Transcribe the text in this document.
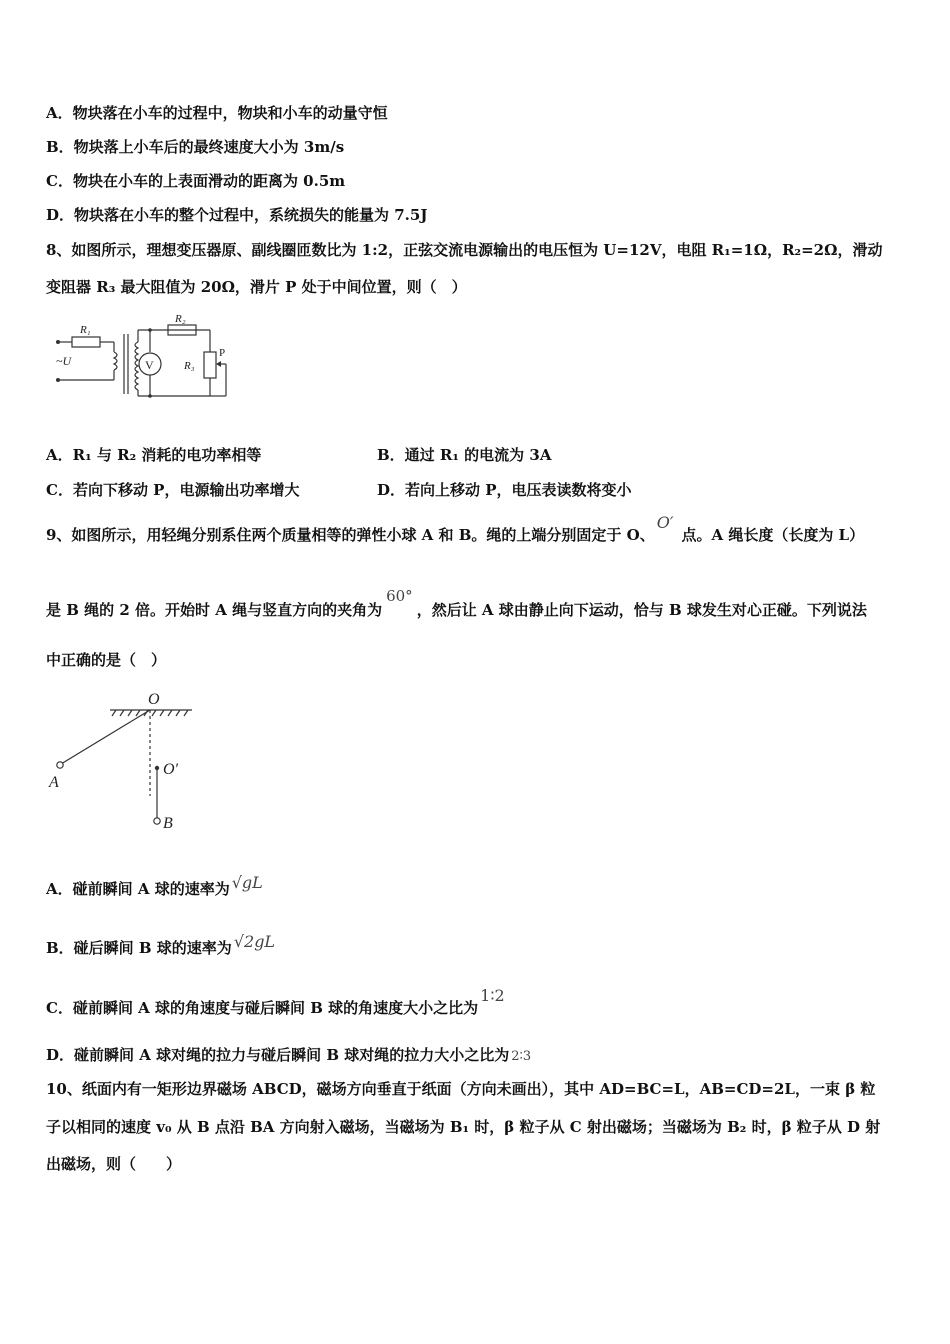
A．物块落在小车的过程中，物块和小车的动量守恒
B．物块落上小车后的最终速度大小为 3m/s
C．物块在小车的上表面滑动的距离为 0.5m
D．物块落在小车的整个过程中，系统损失的能量为 7.5J
8、如图所示，理想变压器原、副线圈匝数比为 1:2，正弦交流电源输出的电压恒为 U=12V，电阻 R₁=1Ω，R₂=2Ω，滑动
变阻器 R₃ 最大阻值为 20Ω，滑片 P 处于中间位置，则（　）
R₁
R₂
R₃
~U	V
P
A．R₁ 与 R₂ 消耗的电功率相等	B．通过 R₁ 的电流为 3A
C．若向下移动 P，电源输出功率增大	D．若向上移动 P，电压表读数将变小
9、如图所示，用轻绳分别系住两个质量相等的弹性小球 A 和 B。绳的上端分别固定于 O、O′点。A 绳长度（长度为 L）
是 B 绳的 2 倍。开始时 A 绳与竖直方向的夹角为60°，然后让 A 球由静止向下运动，恰与 B 球发生对心正碰。下列说法
中正确的是（　）
O
O′
A
B
A．碰前瞬间 A 球的速率为 √gL
B．碰后瞬间 B 球的速率为 √2gL
C．碰前瞬间 A 球的角速度与碰后瞬间 B 球的角速度大小之比为1∶2
D．碰前瞬间 A 球对绳的拉力与碰后瞬间 B 球对绳的拉力大小之比为 2∶3
10、纸面内有一矩形边界磁场 ABCD，磁场方向垂直于纸面（方向未画出），其中 AD=BC=L，AB=CD=2L，一束 β 粒
子以相同的速度 v₀ 从 B 点沿 BA 方向射入磁场，当磁场为 B₁ 时，β 粒子从 C 射出磁场；当磁场为 B₂ 时，β 粒子从 D 射
出磁场，则（　　）
